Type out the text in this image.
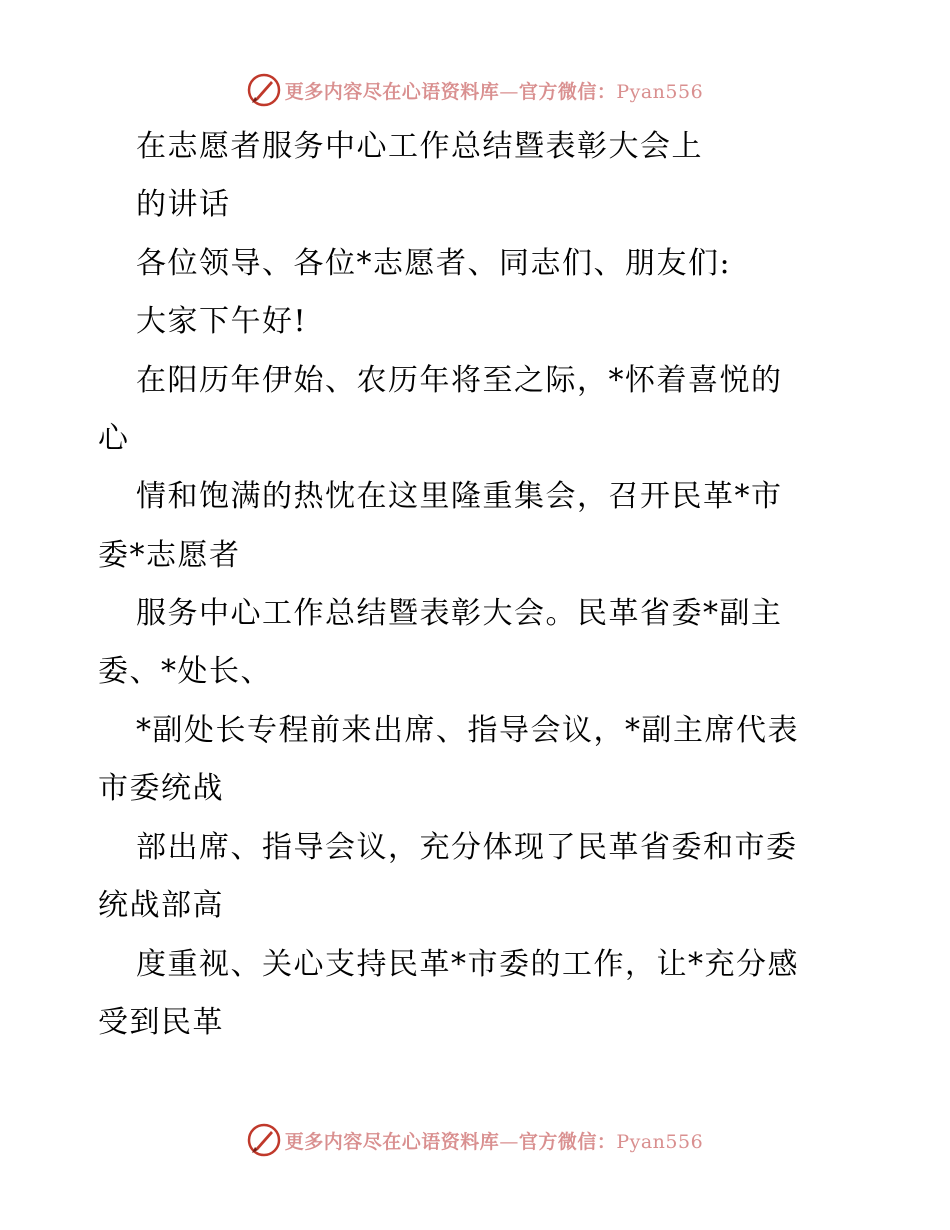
更多内容尽在心语资料库—官方微信：Pyan556
在志愿者服务中心工作总结暨表彰大会上
的讲话
各位领导、各位*志愿者、同志们、朋友们:
大家下午好!
在阳历年伊始、农历年将至之际，*怀着喜悦的
心
情和饱满的热忱在这里隆重集会，召开民革*市
委*志愿者
服务中心工作总结暨表彰大会。民革省委*副主
委、*处长、
*副处长专程前来出席、指导会议，*副主席代表
市委统战
部出席、指导会议，充分体现了民革省委和市委
统战部高
度重视、关心支持民革*市委的工作，让*充分感
受到民革
更多内容尽在心语资料库—官方微信：Pyan556
